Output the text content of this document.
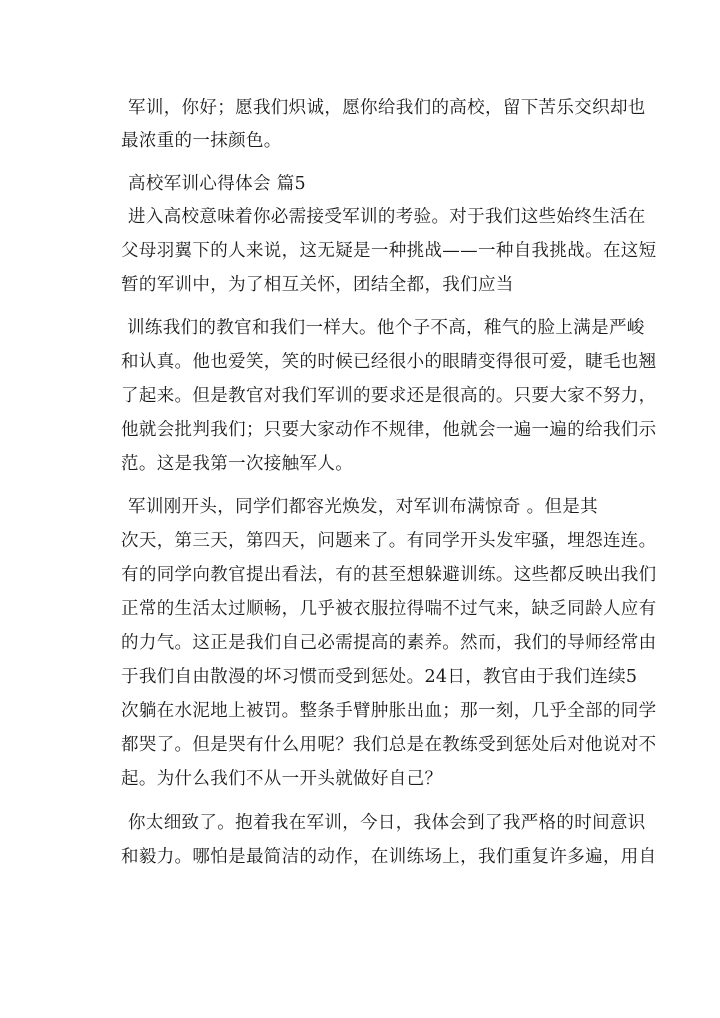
军训，你好；愿我们炽诚，愿你给我们的高校，留下苦乐交织却也
最浓重的一抹颜色。
高校军训心得体会 篇5
进入高校意味着你必需接受军训的考验。对于我们这些始终生活在
父母羽翼下的人来说，这无疑是一种挑战——一种自我挑战。在这短
暂的军训中，为了相互关怀，团结全都，我们应当
训练我们的教官和我们一样大。他个子不高，稚气的脸上满是严峻
和认真。他也爱笑，笑的时候已经很小的眼睛变得很可爱，睫毛也翘
了起来。但是教官对我们军训的要求还是很高的。只要大家不努力，
他就会批判我们；只要大家动作不规律，他就会一遍一遍的给我们示
范。这是我第一次接触军人。
军训刚开头，同学们都容光焕发，对军训布满惊奇 。但是其
次天，第三天，第四天，问题来了。有同学开头发牢骚，埋怨连连。
有的同学向教官提出看法，有的甚至想躲避训练。这些都反映出我们
正常的生活太过顺畅，几乎被衣服拉得喘不过气来，缺乏同龄人应有
的力气。这正是我们自己必需提高的素养。然而，我们的导师经常由
于我们自由散漫的坏习惯而受到惩处。24日，教官由于我们连续5
次躺在水泥地上被罚。整条手臂肿胀出血；那一刻，几乎全部的同学
都哭了。但是哭有什么用呢？我们总是在教练受到惩处后对他说对不
起。为什么我们不从一开头就做好自己？
你太细致了。抱着我在军训，今日，我体会到了我严格的时间意识
和毅力。哪怕是最简洁的动作，在训练场上，我们重复许多遍，用自
